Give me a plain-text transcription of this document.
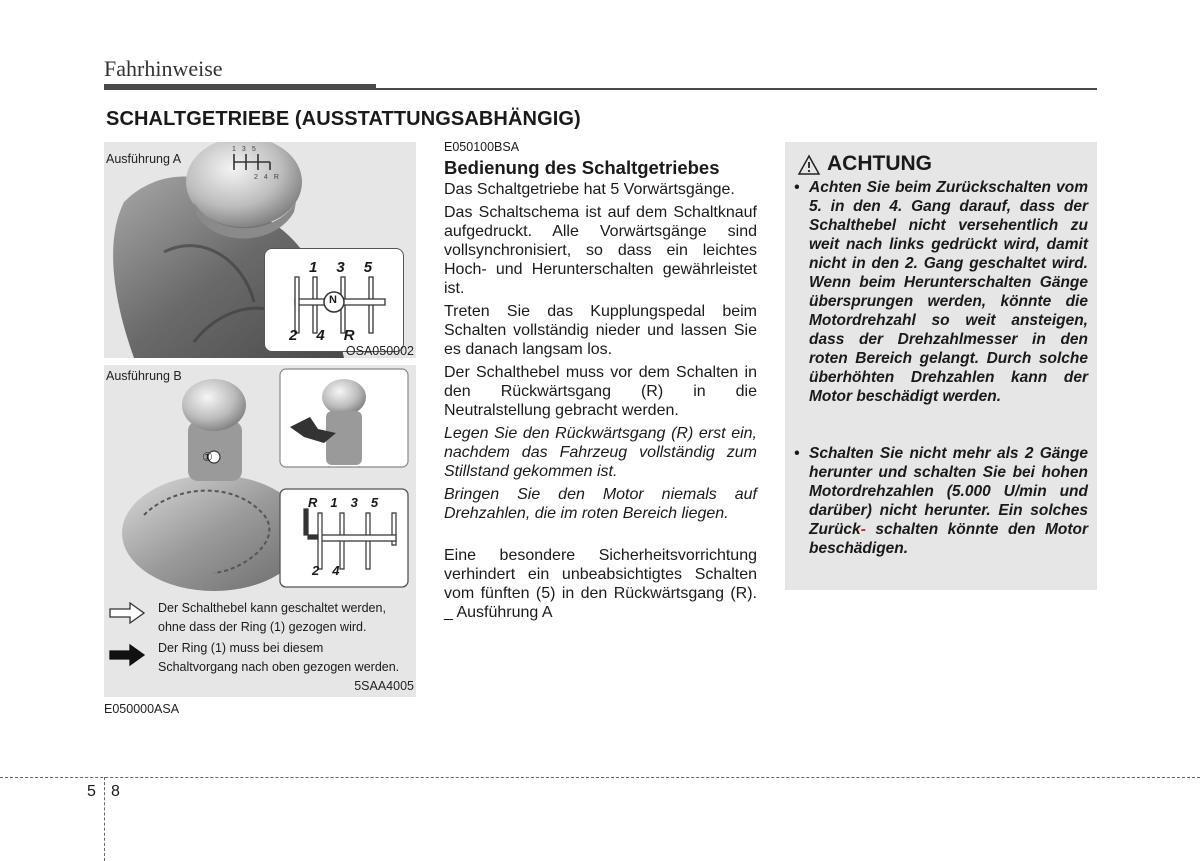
Fahrhinweise
SCHALTGETRIEBE (AUSSTATTUNGSABHÄNGIG)
Ausführung A
135
24R
135
24R
N
OSA050002
Ausführung B
①
R135
24
Der Schalthebel kann geschaltet werden,
ohne dass der Ring (1) gezogen wird.
Der Ring (1) muss bei diesem
Schaltvorgang nach oben gezogen werden.
5SAA4005
E050000ASA
E050100BSA
Bedienung des Schaltgetriebes

Das Schaltgetriebe hat 5 Vorwärtsgänge.

Das Schaltschema ist auf dem Schaltknauf aufgedruckt. Alle Vorwärtsgänge sind vollsynchronisiert, so dass ein leichtes Hoch- und Herunterschalten gewährleistet ist.

Treten Sie das Kupplungspedal beim Schalten vollständig nieder und lassen Sie es danach langsam los.

Der Schalthebel muss vor dem Schalten in den Rückwärtsgang (R) in die Neutralstellung gebracht werden.

Legen Sie den Rückwärtsgang (R) erst ein, nachdem das Fahrzeug vollständig zum Stillstand gekommen ist.

Bringen Sie den Motor niemals auf Drehzahlen, die im roten Bereich liegen.

Eine besondere Sicherheitsvorrichtung verhindert ein unbeabsichtigtes Schalten vom fünften (5) in den Rückwärtsgang (R). _ Ausführung A

ACHTUNG
• Achten Sie beim Zurückschalten vom 5. in den 4. Gang darauf, dass der Schalthebel nicht versehentlich zu weit nach links gedrückt wird, damit nicht in den 2. Gang geschaltet wird. Wenn beim Herunterschalten Gänge übersprungen werden, könnte die Motordrehzahl so weit ansteigen, dass der Drehzahlmesser in den roten Bereich gelangt. Durch solche überhöhten Drehzahlen kann der Motor beschädigt werden.
• Schalten Sie nicht mehr als 2 Gänge herunter und schalten Sie bei hohen Motordrehzahlen (5.000 U/min und darüber) nicht herunter. Ein solches Zurück- schalten könnte den Motor beschädigen.
5 8
